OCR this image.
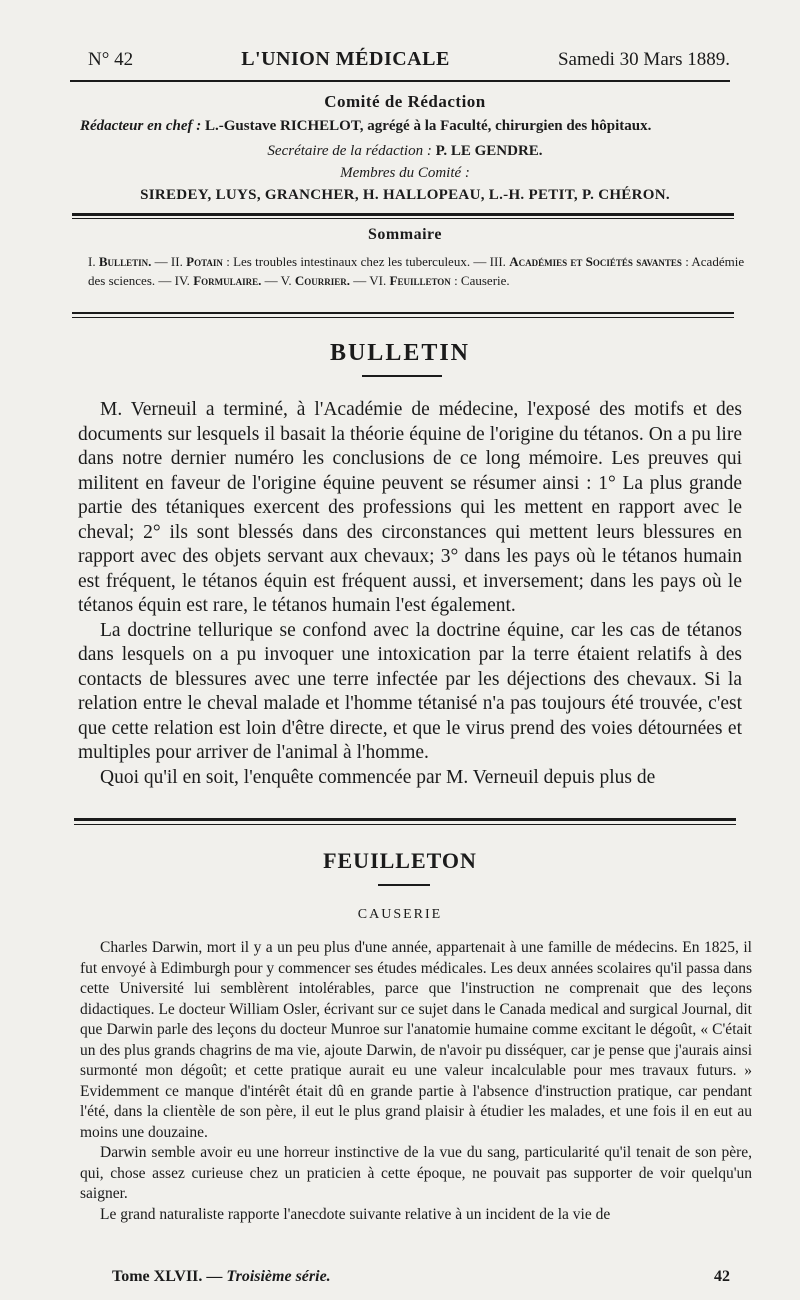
N° 42	L'UNION MÉDICALE	Samedi 30 Mars 1889.
Comité de Rédaction
Rédacteur en chef : L.-Gustave RICHELOT, agrégé à la Faculté, chirurgien des hôpitaux.
Secrétaire de la rédaction : P. LE GENDRE.
Membres du Comité :
SIREDEY, LUYS, GRANCHER, H. HALLOPEAU, L.-H. PETIT, P. CHÉRON.
Sommaire
I. Bulletin. — II. Potain : Les troubles intestinaux chez les tuberculeux. — III. Académies et Sociétés savantes : Académie des sciences. — IV. Formulaire. — V. Courrier. — VI. Feuilleton : Causerie.
BULLETIN

M. Verneuil a terminé, à l'Académie de médecine, l'exposé des motifs et des documents sur lesquels il basait la théorie équine de l'origine du tétanos. On a pu lire dans notre dernier numéro les conclusions de ce long mémoire. Les preuves qui militent en faveur de l'origine équine peuvent se résumer ainsi : 1° La plus grande partie des tétaniques exercent des professions qui les mettent en rapport avec le cheval; 2° ils sont blessés dans des circonstances qui mettent leurs blessures en rapport avec des objets servant aux chevaux; 3° dans les pays où le tétanos humain est fréquent, le tétanos équin est fréquent aussi, et inversement; dans les pays où le tétanos équin est rare, le tétanos humain l'est également.

La doctrine tellurique se confond avec la doctrine équine, car les cas de tétanos dans lesquels on a pu invoquer une intoxication par la terre étaient relatifs à des contacts de blessures avec une terre infectée par les déjections des chevaux. Si la relation entre le cheval malade et l'homme tétanisé n'a pas toujours été trouvée, c'est que cette relation est loin d'être directe, et que le virus prend des voies détournées et multiples pour arriver de l'animal à l'homme.

Quoi qu'il en soit, l'enquête commencée par M. Verneuil depuis plus de

FEUILLETON
CAUSERIE

Charles Darwin, mort il y a un peu plus d'une année, appartenait à une famille de médecins. En 1825, il fut envoyé à Edimburgh pour y commencer ses études médicales. Les deux années scolaires qu'il passa dans cette Université lui semblèrent intolérables, parce que l'instruction ne comprenait que des leçons didactiques. Le docteur William Osler, écrivant sur ce sujet dans le Canada medical and surgical Journal, dit que Darwin parle des leçons du docteur Munroe sur l'anatomie humaine comme excitant le dégoût, « C'était un des plus grands chagrins de ma vie, ajoute Darwin, de n'avoir pu disséquer, car je pense que j'aurais ainsi surmonté mon dégoût; et cette pratique aurait eu une valeur incalculable pour mes travaux futurs. » Evidemment ce manque d'intérêt était dû en grande partie à l'absence d'instruction pratique, car pendant l'été, dans la clientèle de son père, il eut le plus grand plaisir à étudier les malades, et une fois il en eut au moins une douzaine.

Darwin semble avoir eu une horreur instinctive de la vue du sang, particularité qu'il tenait de son père, qui, chose assez curieuse chez un praticien à cette époque, ne pouvait pas supporter de voir quelqu'un saigner.

Le grand naturaliste rapporte l'anecdote suivante relative à un incident de la vie de

Tome XLVII. — Troisième série.	42
